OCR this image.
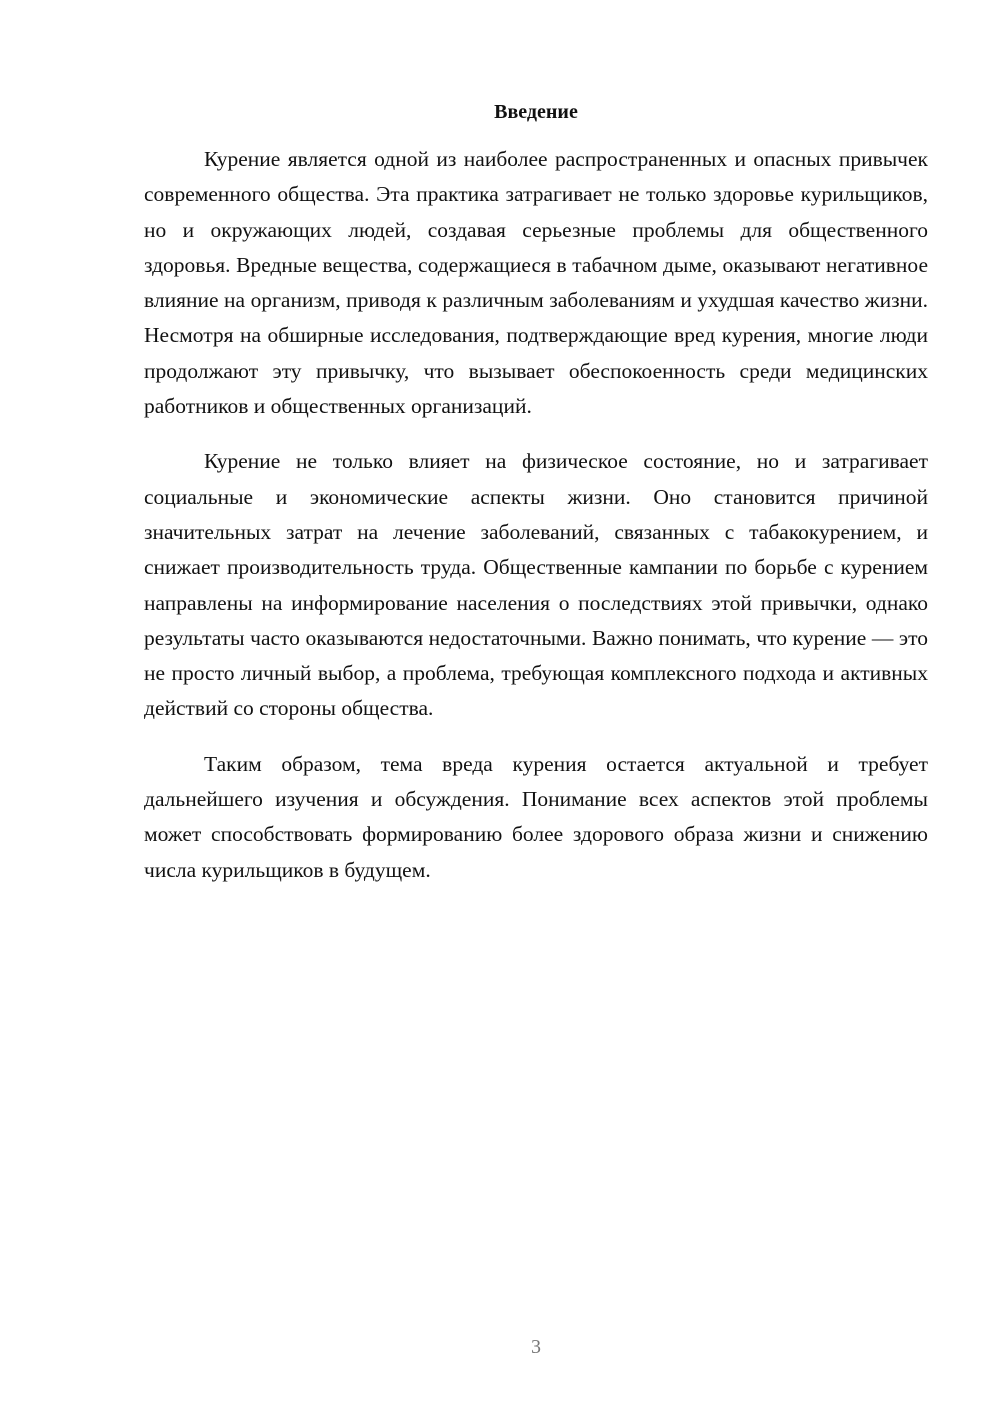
Введение

Курение является одной из наиболее распространенных и опасных привычек современного общества. Эта практика затрагивает не только здоровье курильщиков, но и окружающих людей, создавая серьезные проблемы для общественного здоровья. Вредные вещества, содержащиеся в табачном дыме, оказывают негативное влияние на организм, приводя к различным заболеваниям и ухудшая качество жизни. Несмотря на обширные исследования, подтверждающие вред курения, многие люди продолжают эту привычку, что вызывает обеспокоенность среди медицинских работников и общественных организаций.

Курение не только влияет на физическое состояние, но и затрагивает социальные и экономические аспекты жизни. Оно становится причиной значительных затрат на лечение заболеваний, связанных с табакокурением, и снижает производительность труда. Общественные кампании по борьбе с курением направлены на информирование населения о последствиях этой привычки, однако результаты часто оказываются недостаточными. Важно понимать, что курение — это не просто личный выбор, а проблема, требующая комплексного подхода и активных действий со стороны общества.

Таким образом, тема вреда курения остается актуальной и требует дальнейшего изучения и обсуждения. Понимание всех аспектов этой проблемы может способствовать формированию более здорового образа жизни и снижению числа курильщиков в будущем.

3
